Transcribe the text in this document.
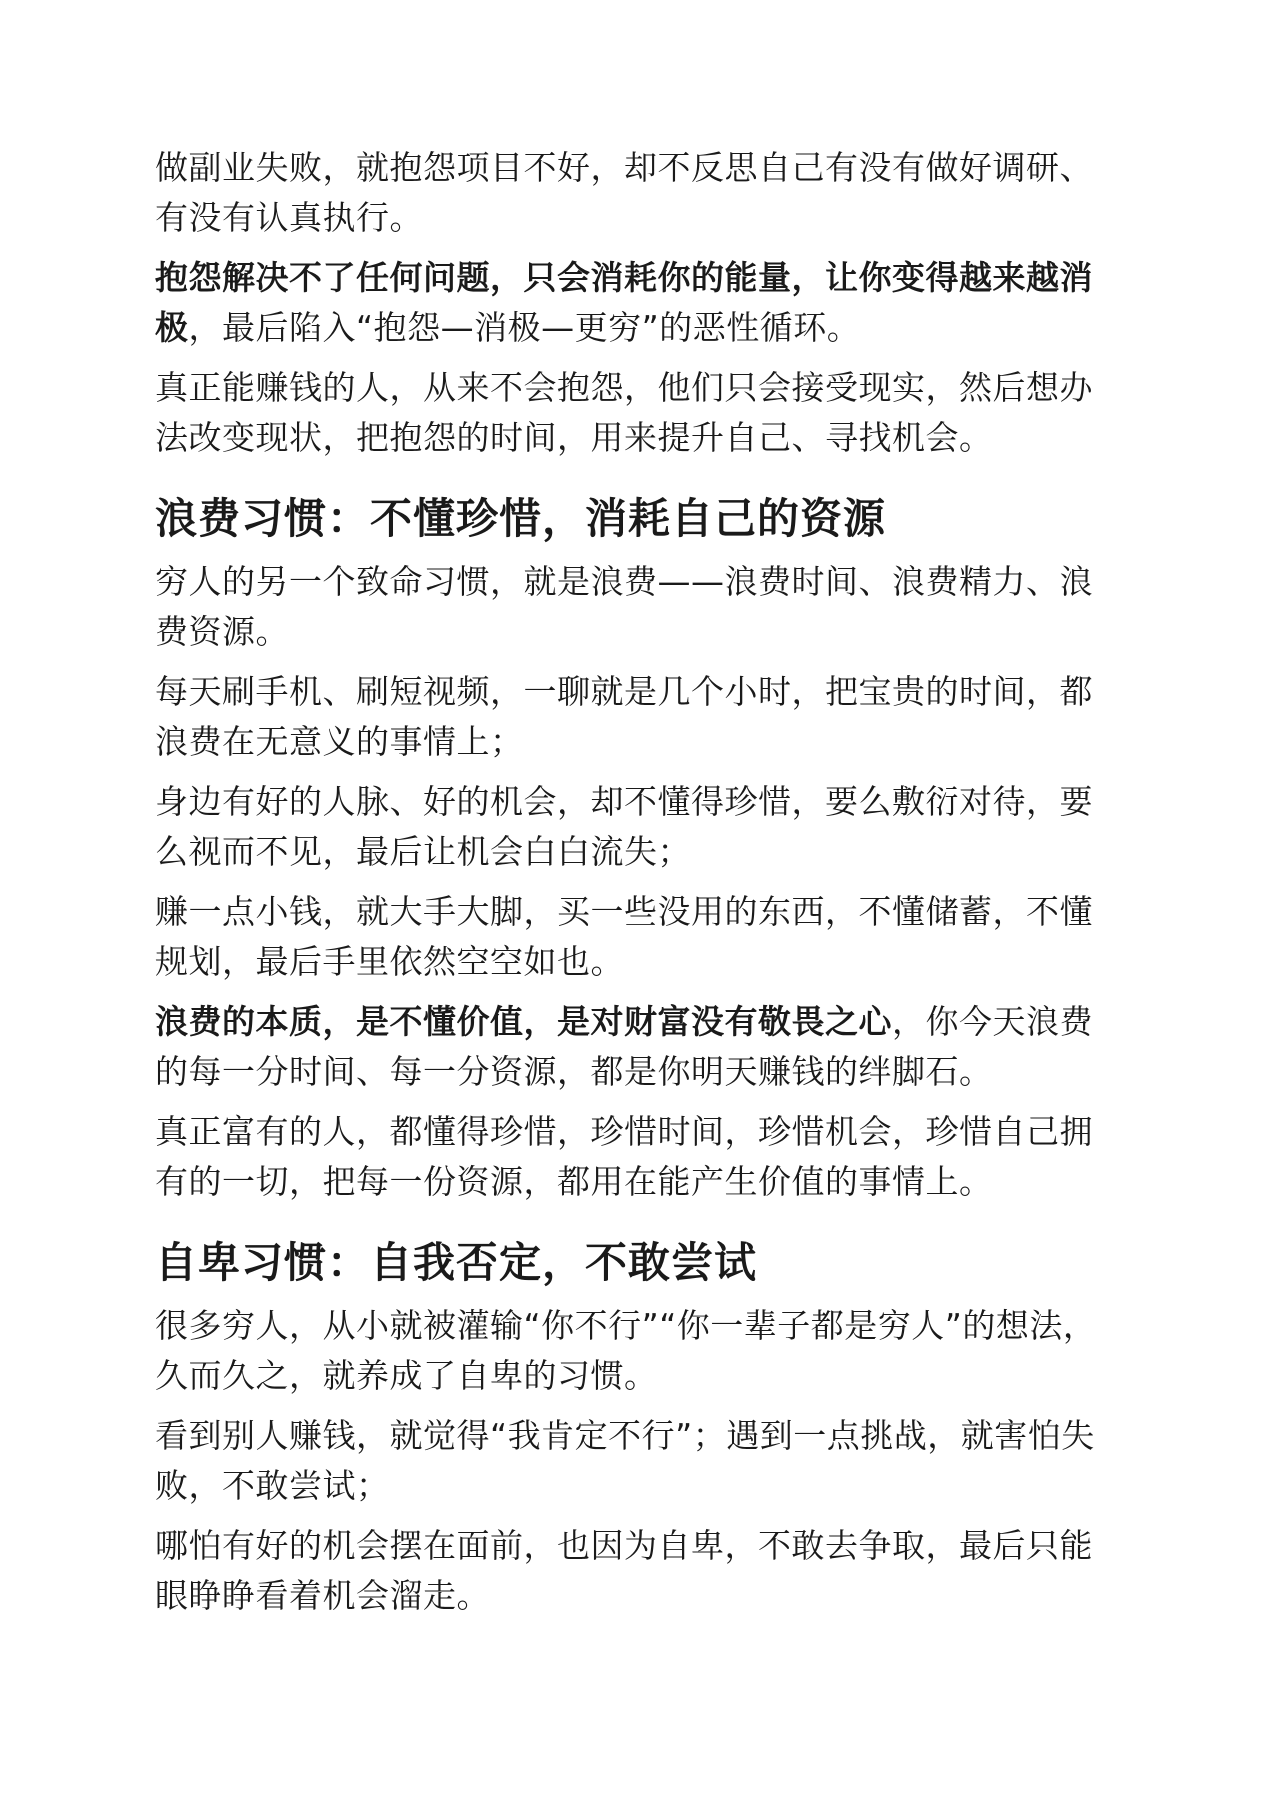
做副业失败，就抱怨项目不好，却不反思自己有没有做好调研、有没有认真执行。

抱怨解决不了任何问题，只会消耗你的能量，让你变得越来越消极，最后陷入“抱怨—消极—更穷”的恶性循环。

真正能赚钱的人，从来不会抱怨，他们只会接受现实，然后想办法改变现状，把抱怨的时间，用来提升自己、寻找机会。

浪费习惯：不懂珍惜，消耗自己的资源

穷人的另一个致命习惯，就是浪费——浪费时间、浪费精力、浪费资源。

每天刷手机、刷短视频，一聊就是几个小时，把宝贵的时间，都浪费在无意义的事情上；

身边有好的人脉、好的机会，却不懂得珍惜，要么敷衍对待，要么视而不见，最后让机会白白流失；

赚一点小钱，就大手大脚，买一些没用的东西，不懂储蓄，不懂规划，最后手里依然空空如也。

浪费的本质，是不懂价值，是对财富没有敬畏之心，你今天浪费的每一分时间、每一分资源，都是你明天赚钱的绊脚石。

真正富有的人，都懂得珍惜，珍惜时间，珍惜机会，珍惜自己拥有的一切，把每一份资源，都用在能产生价值的事情上。

自卑习惯：自我否定，不敢尝试

很多穷人，从小就被灌输“你不行”“你一辈子都是穷人”的想法，久而久之，就养成了自卑的习惯。

看到别人赚钱，就觉得“我肯定不行”；遇到一点挑战，就害怕失败，不敢尝试；

哪怕有好的机会摆在面前，也因为自卑，不敢去争取，最后只能眼睁睁看着机会溜走。
